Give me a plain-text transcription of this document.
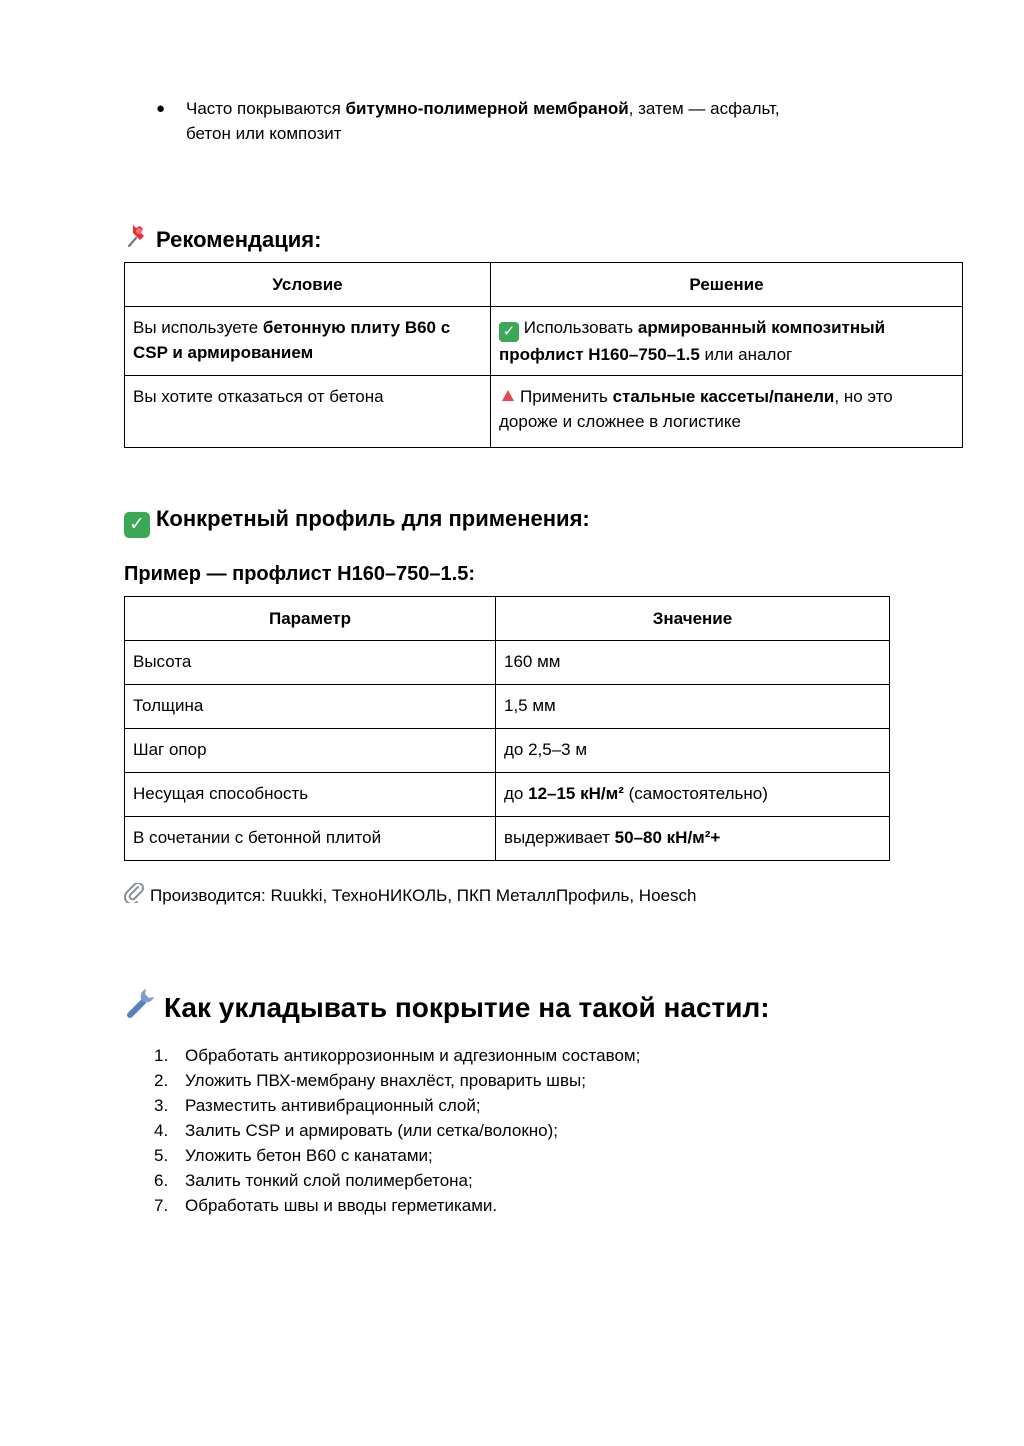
● Часто покрываются битумно-полимерной мембраной, затем — асфальт,
бетон или композит
Рекомендация:
Условие	Решение
Вы используете бетонную плиту B60 с CSP и армированием	✓ Использовать армированный композитный профлист H160–750–1.5 или аналог
Вы хотите отказаться от бетона	Применить стальные кассеты/панели, но это дороже и сложнее в логистике
✓ Конкретный профиль для применения:
Пример — профлист H160–750–1.5:
Параметр	Значение
Высота	160 мм
Толщина	1,5 мм
Шаг опор	до 2,5–3 м
Несущая способность	до 12–15 кН/м² (самостоятельно)
В сочетании с бетонной плитой	выдерживает 50–80 кН/м²+
Производится: Ruukki, ТехноНИКОЛЬ, ПКП МеталлПрофиль, Hoesch
Как укладывать покрытие на такой настил:
1. Обработать антикоррозионным и адгезионным составом;
2. Уложить ПВХ-мембрану внахлёст, проварить швы;
3. Разместить антивибрационный слой;
4. Залить CSP и армировать (или сетка/волокно);
5. Уложить бетон B60 с канатами;
6. Залить тонкий слой полимербетона;
7. Обработать швы и вводы герметиками.
